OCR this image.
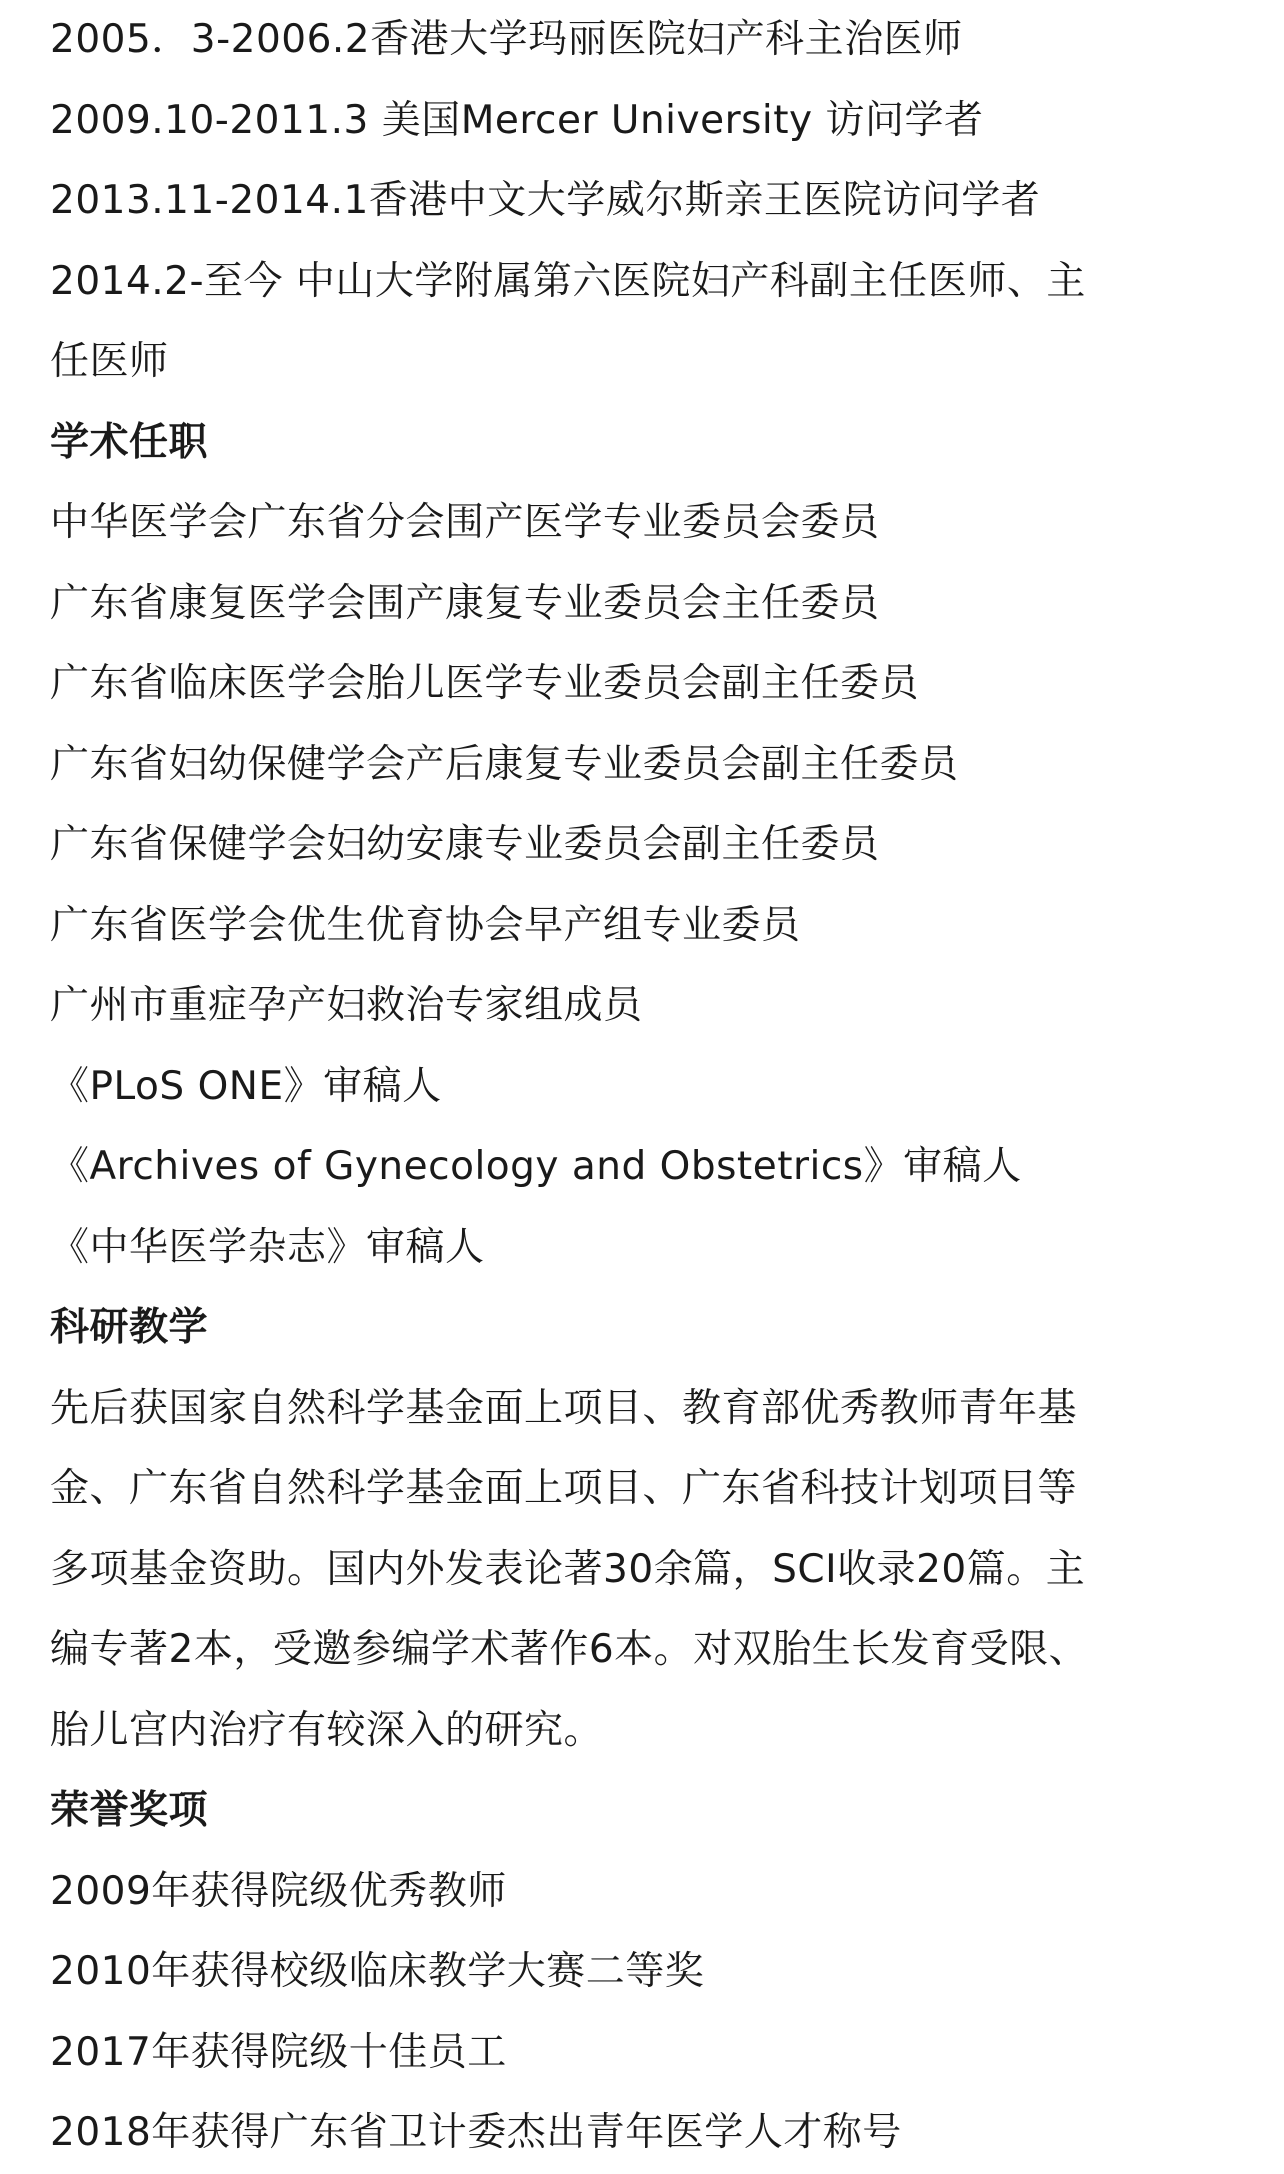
2005．3-2006.2香港大学玛丽医院妇产科主治医师
2009.10-2011.3 美国Mercer University 访问学者
2013.11-2014.1香港中文大学威尔斯亲王医院访问学者
2014.2-至今 中山大学附属第六医院妇产科副主任医师、主
任医师
学术任职
中华医学会广东省分会围产医学专业委员会委员
广东省康复医学会围产康复专业委员会主任委员
广东省临床医学会胎儿医学专业委员会副主任委员
广东省妇幼保健学会产后康复专业委员会副主任委员
广东省保健学会妇幼安康专业委员会副主任委员
广东省医学会优生优育协会早产组专业委员
广州市重症孕产妇救治专家组成员
《PLoS ONE》审稿人
《Archives of Gynecology and Obstetrics》审稿人
《中华医学杂志》审稿人
科研教学
先后获国家自然科学基金面上项目、教育部优秀教师青年基
金、广东省自然科学基金面上项目、广东省科技计划项目等
多项基金资助。国内外发表论著30余篇，SCI收录20篇。主
编专著2本，受邀参编学术著作6本。对双胎生长发育受限、
胎儿宫内治疗有较深入的研究。
荣誉奖项
2009年获得院级优秀教师
2010年获得校级临床教学大赛二等奖
2017年获得院级十佳员工
2018年获得广东省卫计委杰出青年医学人才称号
